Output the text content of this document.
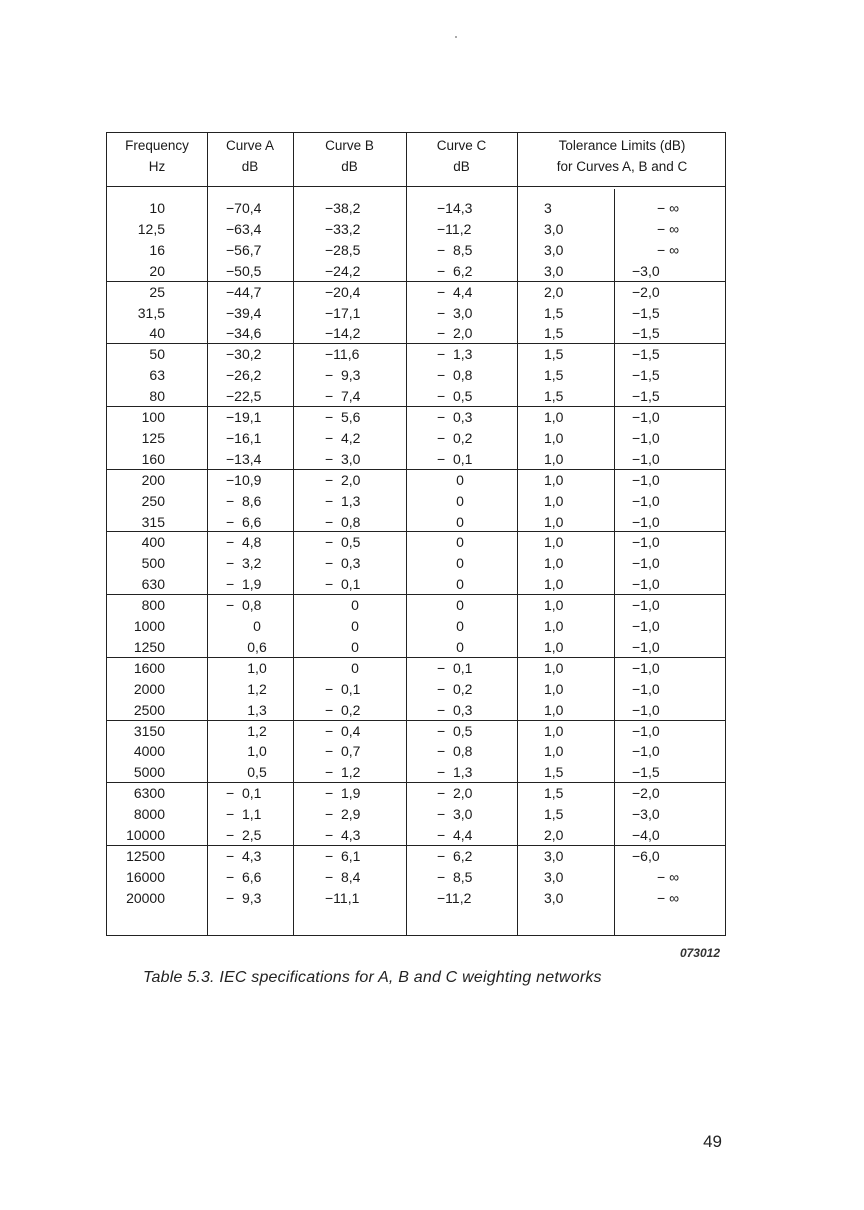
Frequency
Hz
Curve A
dB
Curve B
dB
Curve C
dB
Tolerance Limits (dB)
for Curves A, B and C
10	−70,4	−38,2	−14,3	3	− ∞
12,5	−63,4	−33,2	−11,2	3,0	− ∞
16	−56,7	−28,5	−  8,5	3,0	− ∞
20	−50,5	−24,2	−  6,2	3,0	−3,0
25	−44,7	−20,4	−  4,4	2,0	−2,0
31,5	−39,4	−17,1	−  3,0	1,5	−1,5
40	−34,6	−14,2	−  2,0	1,5	−1,5
50	−30,2	−11,6	−  1,3	1,5	−1,5
63	−26,2	−  9,3	−  0,8	1,5	−1,5
80	−22,5	−  7,4	−  0,5	1,5	−1,5
100	−19,1	−  5,6	−  0,3	1,0	−1,0
125	−16,1	−  4,2	−  0,2	1,0	−1,0
160	−13,4	−  3,0	−  0,1	1,0	−1,0
200	−10,9	−  2,0	0	1,0	−1,0
250	−  8,6	−  1,3	0	1,0	−1,0
315	−  6,6	−  0,8	0	1,0	−1,0
400	−  4,8	−  0,5	0	1,0	−1,0
500	−  3,2	−  0,3	0	1,0	−1,0
630	−  1,9	−  0,1	0	1,0	−1,0
800	−  0,8	0	0	1,0	−1,0
1000	0	0	0	1,0	−1,0
1250	0,6	0	0	1,0	−1,0
1600	1,0	0	−  0,1	1,0	−1,0
2000	1,2	−  0,1	−  0,2	1,0	−1,0
2500	1,3	−  0,2	−  0,3	1,0	−1,0
3150	1,2	−  0,4	−  0,5	1,0	−1,0
4000	1,0	−  0,7	−  0,8	1,0	−1,0
5000	0,5	−  1,2	−  1,3	1,5	−1,5
6300	−  0,1	−  1,9	−  2,0	1,5	−2,0
8000	−  1,1	−  2,9	−  3,0	1,5	−3,0
10000	−  2,5	−  4,3	−  4,4	2,0	−4,0
12500	−  4,3	−  6,1	−  6,2	3,0	−6,0
16000	−  6,6	−  8,4	−  8,5	3,0	− ∞
20000	−  9,3	−11,1	−11,2	3,0	− ∞
073012
Table 5.3. IEC specifications for A, B and C weighting networks
49
